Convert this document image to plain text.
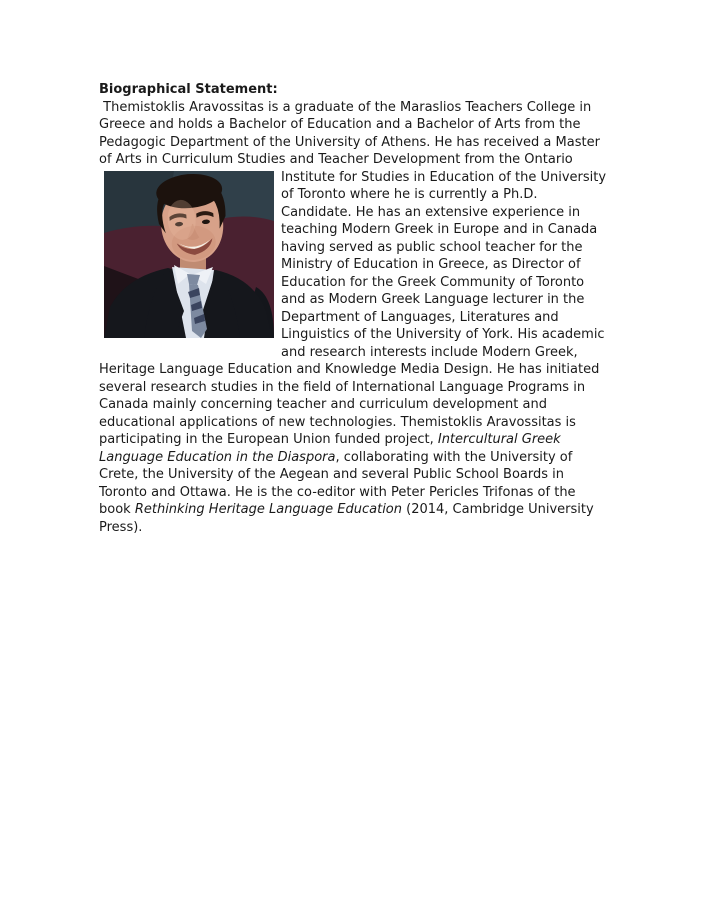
Biographical Statement:
Themistoklis Aravossitas is a graduate of the Maraslios Teachers College in Greece and holds a Bachelor of Education and a Bachelor of Arts from the Pedagogic Department of the University of Athens. He has received a Master of Arts in Curriculum Studies and Teacher Development from the Ontario Institute for Studies in Education of the
University of Toronto where he is currently a Ph.D. Candidate. He has an extensive experience in teaching Modern Greek in Europe and in Canada having served as public school teacher for the Ministry of Education in Greece, as Director of Education for the Greek Community of Toronto and as Modern Greek Language lecturer in the Department of Languages, Literatures and Linguistics of the University of York. His academic and research interests include Modern Greek, Heritage Language Education and Knowledge Media Design. He has initiated several research studies in the field of International Language Programs in Canada mainly concerning teacher and curriculum development and educational applications of new technologies. Themistoklis Aravossitas is participating in the European Union funded project, Intercultural Greek Language Education in the Diaspora, collaborating with the University of Crete, the University of the Aegean and several Public School Boards in Toronto and Ottawa. He is the co-editor with Peter Pericles Trifonas of the book Rethinking Heritage Language Education (2014, Cambridge University Press).
